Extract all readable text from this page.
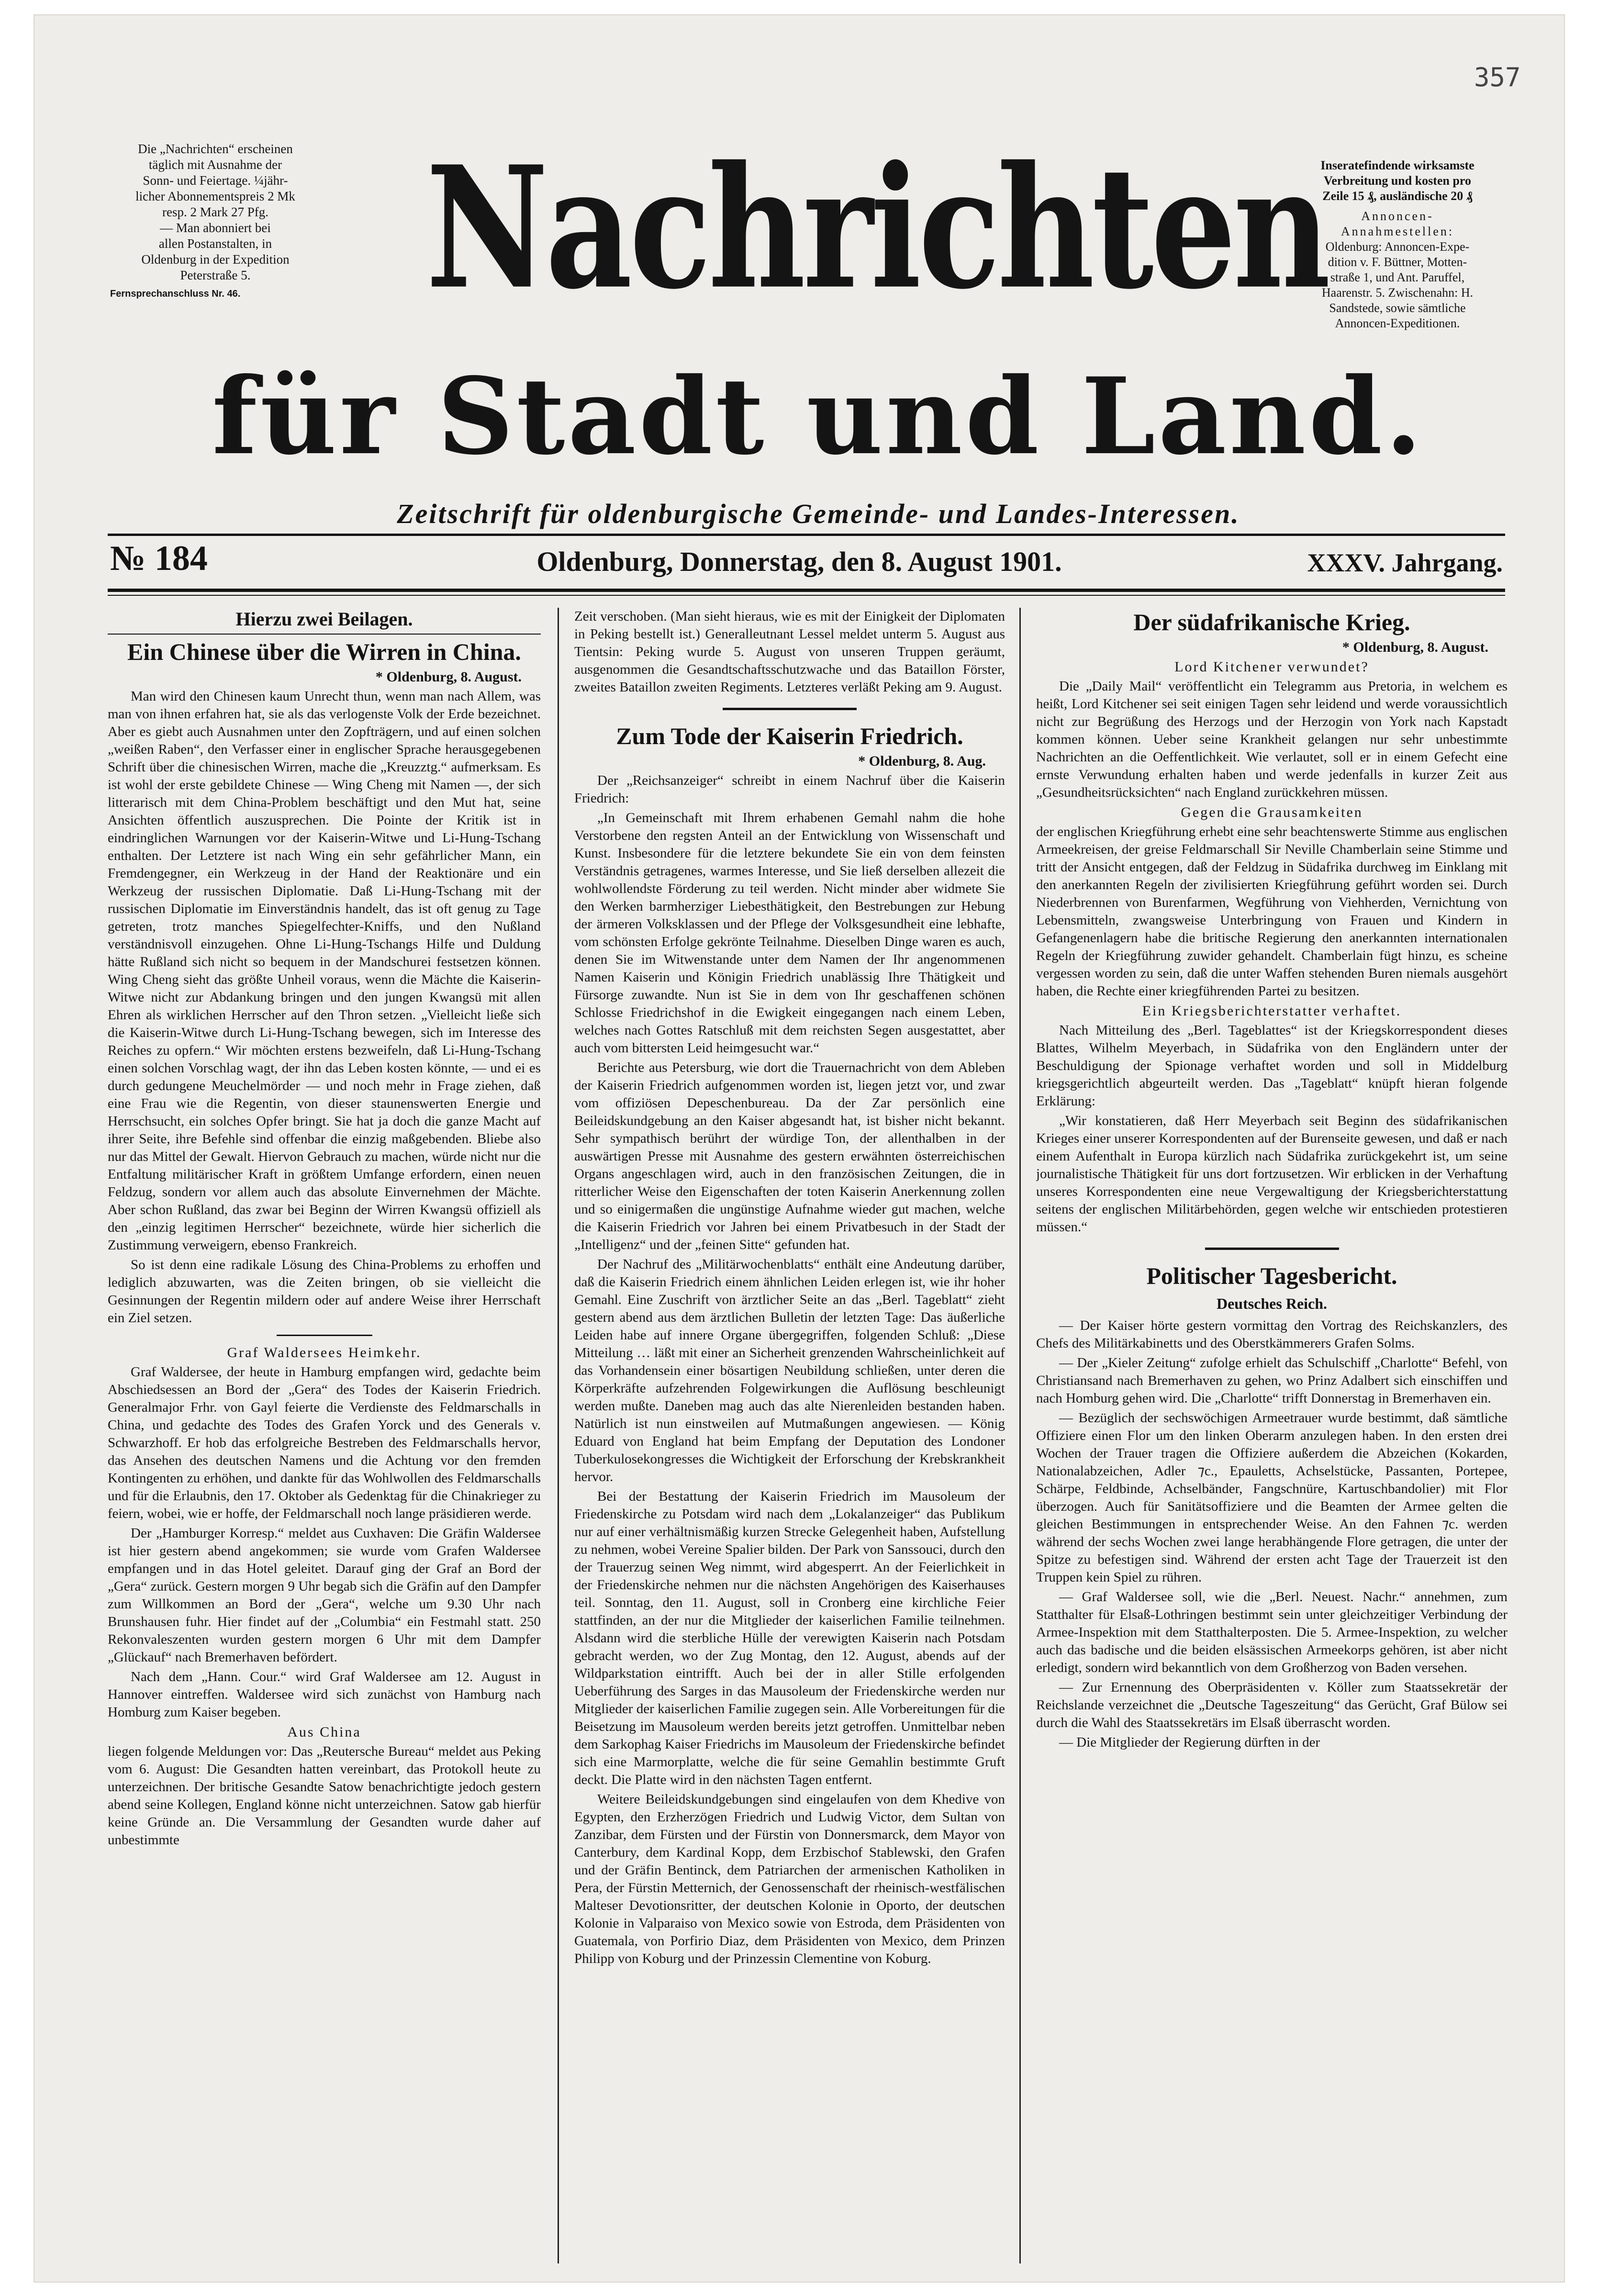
357
Die „Nachrichten“ erscheinen
täglich mit Ausnahme der
Sonn- und Feiertage. ¼jähr-
licher Abonnementspreis 2 Mk
resp. 2 Mark 27 Pfg.
— Man abonniert bei
allen Postanstalten, in
Oldenburg in der Expedition
Peterstraße 5.
Fernsprechanschluss Nr. 46.
Inseratefindende wirksamste
Verbreitung und kosten pro
Zeile 15 ₰, ausländische 20 ₰
Annoncen-
Annahmestellen:
Oldenburg: Annoncen-Expe-
dition v. F. Büttner, Motten-
straße 1, und Ant. Paruffel,
Haarenstr. 5. Zwischenahn: H.
Sandstede, sowie sämtliche
Annoncen-Expeditionen.
Nachrichten
für Stadt und Land.
Zeitschrift für oldenburgische Gemeinde- und Landes-Interessen.
№ 184	Oldenburg, Donnerstag, den 8. August 1901.	XXXV. Jahrgang.

Hierzu zwei Beilagen.

Ein Chinese über die Wirren in China.

* Oldenburg, 8. August.

Man wird den Chinesen kaum Unrecht thun, wenn man nach Allem, was man von ihnen erfahren hat, sie als das verlogenste Volk der Erde bezeichnet. Aber es giebt auch Ausnahmen unter den Zopfträgern, und auf einen solchen „weißen Raben“, den Verfasser einer in englischer Sprache herausgegebenen Schrift über die chinesischen Wirren, mache die „Kreuzztg.“ aufmerksam. Es ist wohl der erste gebildete Chinese — Wing Cheng mit Namen —, der sich litterarisch mit dem China-Problem beschäftigt und den Mut hat, seine Ansichten öffentlich auszusprechen. Die Pointe der Kritik ist in eindringlichen Warnungen vor der Kaiserin-Witwe und Li-Hung-Tschang enthalten. Der Letztere ist nach Wing ein sehr gefährlicher Mann, ein Fremdengegner, ein Werkzeug in der Hand der Reaktionäre und ein Werkzeug der russischen Diplomatie. Daß Li-Hung-Tschang mit der russischen Diplomatie im Einverständnis handelt, das ist oft genug zu Tage getreten, trotz manches Spiegelfechter-Kniffs, und den Nußland verständnisvoll einzugehen. Ohne Li-Hung-Tschangs Hilfe und Duldung hätte Rußland sich nicht so bequem in der Mandschurei festsetzen können. Wing Cheng sieht das größte Unheil voraus, wenn die Mächte die Kaiserin-Witwe nicht zur Abdankung bringen und den jungen Kwangsü mit allen Ehren als wirklichen Herrscher auf den Thron setzen. „Vielleicht ließe sich die Kaiserin-Witwe durch Li-Hung-Tschang bewegen, sich im Interesse des Reiches zu opfern.“ Wir möchten erstens bezweifeln, daß Li-Hung-Tschang einen solchen Vorschlag wagt, der ihn das Leben kosten könnte, — und ei es durch gedungene Meuchelmörder — und noch mehr in Frage ziehen, daß eine Frau wie die Regentin, von dieser staunenswerten Energie und Herrschsucht, ein solches Opfer bringt. Sie hat ja doch die ganze Macht auf ihrer Seite, ihre Befehle sind offenbar die einzig maßgebenden. Bliebe also nur das Mittel der Gewalt. Hiervon Gebrauch zu machen, würde nicht nur die Entfaltung militärischer Kraft in größtem Umfange erfordern, einen neuen Feldzug, sondern vor allem auch das absolute Einvernehmen der Mächte. Aber schon Rußland, das zwar bei Beginn der Wirren Kwangsü offiziell als den „einzig legitimen Herrscher“ bezeichnete, würde hier sicherlich die Zustimmung verweigern, ebenso Frankreich.

So ist denn eine radikale Lösung des China-Problems zu erhoffen und lediglich abzuwarten, was die Zeiten bringen, ob sie vielleicht die Gesinnungen der Regentin mildern oder auf andere Weise ihrer Herrschaft ein Ziel setzen.

Graf Waldersees Heimkehr.

Graf Waldersee, der heute in Hamburg empfangen wird, gedachte beim Abschiedsessen an Bord der „Gera“ des Todes der Kaiserin Friedrich. Generalmajor Frhr. von Gayl feierte die Verdienste des Feldmarschalls in China, und gedachte des Todes des Grafen Yorck und des Generals v. Schwarzhoff. Er hob das erfolgreiche Bestreben des Feldmarschalls hervor, das Ansehen des deutschen Namens und die Achtung vor den fremden Kontingenten zu erhöhen, und dankte für das Wohlwollen des Feldmarschalls und für die Erlaubnis, den 17. Oktober als Gedenktag für die Chinakrieger zu feiern, wobei, wie er hoffe, der Feldmarschall noch lange präsidieren werde.

Der „Hamburger Korresp.“ meldet aus Cuxhaven: Die Gräfin Waldersee ist hier gestern abend angekommen; sie wurde vom Grafen Waldersee empfangen und in das Hotel geleitet. Darauf ging der Graf an Bord der „Gera“ zurück. Gestern morgen 9 Uhr begab sich die Gräfin auf den Dampfer zum Willkommen an Bord der „Gera“, welche um 9.30 Uhr nach Brunshausen fuhr. Hier findet auf der „Columbia“ ein Festmahl statt. 250 Rekonvaleszenten wurden gestern morgen 6 Uhr mit dem Dampfer „Glückauf“ nach Bremerhaven befördert.

Nach dem „Hann. Cour.“ wird Graf Waldersee am 12. August in Hannover eintreffen. Waldersee wird sich zunächst von Hamburg nach Homburg zum Kaiser begeben.

Aus China

liegen folgende Meldungen vor: Das „Reutersche Bureau“ meldet aus Peking vom 6. August: Die Gesandten hatten vereinbart, das Protokoll heute zu unterzeichnen. Der britische Gesandte Satow benachrichtigte jedoch gestern abend seine Kollegen, England könne nicht unterzeichnen. Satow gab hierfür keine Gründe an. Die Versammlung der Gesandten wurde daher auf unbestimmte

Zeit verschoben. (Man sieht hieraus, wie es mit der Einigkeit der Diplomaten in Peking bestellt ist.) Generalleutnant Lessel meldet unterm 5. August aus Tientsin: Peking wurde 5. August von unseren Truppen geräumt, ausgenommen die Gesandtschaftsschutzwache und das Bataillon Förster, zweites Bataillon zweiten Regiments. Letzteres verläßt Peking am 9. August.

Zum Tode der Kaiserin Friedrich.

* Oldenburg, 8. Aug.

Der „Reichsanzeiger“ schreibt in einem Nachruf über die Kaiserin Friedrich:

„In Gemeinschaft mit Ihrem erhabenen Gemahl nahm die hohe Verstorbene den regsten Anteil an der Entwicklung von Wissenschaft und Kunst. Insbesondere für die letztere bekundete Sie ein von dem feinsten Verständnis getragenes, warmes Interesse, und Sie ließ derselben allezeit die wohlwollendste Förderung zu teil werden. Nicht minder aber widmete Sie den Werken barmherziger Liebesthätigkeit, den Bestrebungen zur Hebung der ärmeren Volksklassen und der Pflege der Volksgesundheit eine lebhafte, vom schönsten Erfolge gekrönte Teilnahme. Dieselben Dinge waren es auch, denen Sie im Witwenstande unter dem Namen der Ihr angenommenen Namen Kaiserin und Königin Friedrich unablässig Ihre Thätigkeit und Fürsorge zuwandte. Nun ist Sie in dem von Ihr geschaffenen schönen Schlosse Friedrichshof in die Ewigkeit eingegangen nach einem Leben, welches nach Gottes Ratschluß mit dem reichsten Segen ausgestattet, aber auch vom bittersten Leid heimgesucht war.“

Berichte aus Petersburg, wie dort die Trauernachricht von dem Ableben der Kaiserin Friedrich aufgenommen worden ist, liegen jetzt vor, und zwar vom offiziösen Depeschenbureau. Da der Zar persönlich eine Beileidskundgebung an den Kaiser abgesandt hat, ist bisher nicht bekannt. Sehr sympathisch berührt der würdige Ton, der allenthalben in der auswärtigen Presse mit Ausnahme des gestern erwähnten österreichischen Organs angeschlagen wird, auch in den französischen Zeitungen, die in ritterlicher Weise den Eigenschaften der toten Kaiserin Anerkennung zollen und so einigermaßen die ungünstige Aufnahme wieder gut machen, welche die Kaiserin Friedrich vor Jahren bei einem Privatbesuch in der Stadt der „Intelligenz“ und der „feinen Sitte“ gefunden hat.

Der Nachruf des „Militärwochenblatts“ enthält eine Andeutung darüber, daß die Kaiserin Friedrich einem ähnlichen Leiden erlegen ist, wie ihr hoher Gemahl. Eine Zuschrift von ärztlicher Seite an das „Berl. Tageblatt“ zieht gestern abend aus dem ärztlichen Bulletin der letzten Tage: Das äußerliche Leiden habe auf innere Organe übergegriffen, folgenden Schluß: „Diese Mitteilung … läßt mit einer an Sicherheit grenzenden Wahrscheinlichkeit auf das Vorhandensein einer bösartigen Neubildung schließen, unter deren die Körperkräfte aufzehrenden Folgewirkungen die Auflösung beschleunigt werden mußte. Daneben mag auch das alte Nierenleiden bestanden haben. Natürlich ist nun einstweilen auf Mutmaßungen angewiesen. — König Eduard von England hat beim Empfang der Deputation des Londoner Tuberkulosekongresses die Wichtigkeit der Erforschung der Krebskrankheit hervor.

Bei der Bestattung der Kaiserin Friedrich im Mausoleum der Friedenskirche zu Potsdam wird nach dem „Lokalanzeiger“ das Publikum nur auf einer verhältnismäßig kurzen Strecke Gelegenheit haben, Aufstellung zu nehmen, wobei Vereine Spalier bilden. Der Park von Sanssouci, durch den der Trauerzug seinen Weg nimmt, wird abgesperrt. An der Feierlichkeit in der Friedenskirche nehmen nur die nächsten Angehörigen des Kaiserhauses teil. Sonntag, den 11. August, soll in Cronberg eine kirchliche Feier stattfinden, an der nur die Mitglieder der kaiserlichen Familie teilnehmen. Alsdann wird die sterbliche Hülle der verewigten Kaiserin nach Potsdam gebracht werden, wo der Zug Montag, den 12. August, abends auf der Wildparkstation eintrifft. Auch bei der in aller Stille erfolgenden Ueberführung des Sarges in das Mausoleum der Friedenskirche werden nur Mitglieder der kaiserlichen Familie zugegen sein. Alle Vorbereitungen für die Beisetzung im Mausoleum werden bereits jetzt getroffen. Unmittelbar neben dem Sarkophag Kaiser Friedrichs im Mausoleum der Friedenskirche befindet sich eine Marmorplatte, welche die für seine Gemahlin bestimmte Gruft deckt. Die Platte wird in den nächsten Tagen entfernt.

Weitere Beileidskundgebungen sind eingelaufen von dem Khedive von Egypten, den Erzherzögen Friedrich und Ludwig Victor, dem Sultan von Zanzibar, dem Fürsten und der Fürstin von Donnersmarck, dem Mayor von Canterbury, dem Kardinal Kopp, dem Erzbischof Stablewski, den Grafen und der Gräfin Bentinck, dem Patriarchen der armenischen Katholiken in Pera, der Fürstin Metternich, der Genossenschaft der rheinisch-westfälischen Malteser Devotionsritter, der deutschen Kolonie in Oporto, der deutschen Kolonie in Valparaiso von Mexico sowie von Estroda, dem Präsidenten von Guatemala, von Porfirio Diaz, dem Präsidenten von Mexico, dem Prinzen Philipp von Koburg und der Prinzessin Clementine von Koburg.

Der südafrikanische Krieg.

* Oldenburg, 8. August.

Lord Kitchener verwundet?

Die „Daily Mail“ veröffentlicht ein Telegramm aus Pretoria, in welchem es heißt, Lord Kitchener sei seit einigen Tagen sehr leidend und werde voraussichtlich nicht zur Begrüßung des Herzogs und der Herzogin von York nach Kapstadt kommen können. Ueber seine Krankheit gelangen nur sehr unbestimmte Nachrichten an die Oeffentlichkeit. Wie verlautet, soll er in einem Gefecht eine ernste Verwundung erhalten haben und werde jedenfalls in kurzer Zeit aus „Gesundheitsrücksichten“ nach England zurückkehren müssen.

Gegen die Grausamkeiten

der englischen Kriegführung erhebt eine sehr beachtenswerte Stimme aus englischen Armeekreisen, der greise Feldmarschall Sir Neville Chamberlain seine Stimme und tritt der Ansicht entgegen, daß der Feldzug in Südafrika durchweg im Einklang mit den anerkannten Regeln der zivilisierten Kriegführung geführt worden sei. Durch Niederbrennen von Burenfarmen, Wegführung von Viehherden, Vernichtung von Lebensmitteln, zwangsweise Unterbringung von Frauen und Kindern in Gefangenenlagern habe die britische Regierung den anerkannten internationalen Regeln der Kriegführung zuwider gehandelt. Chamberlain fügt hinzu, es scheine vergessen worden zu sein, daß die unter Waffen stehenden Buren niemals ausgehört haben, die Rechte einer kriegführenden Partei zu besitzen.

Ein Kriegsberichterstatter verhaftet.

Nach Mitteilung des „Berl. Tageblattes“ ist der Kriegskorrespondent dieses Blattes, Wilhelm Meyerbach, in Südafrika von den Engländern unter der Beschuldigung der Spionage verhaftet worden und soll in Middelburg kriegsgerichtlich abgeurteilt werden. Das „Tageblatt“ knüpft hieran folgende Erklärung:

„Wir konstatieren, daß Herr Meyerbach seit Beginn des südafrikanischen Krieges einer unserer Korrespondenten auf der Burenseite gewesen, und daß er nach einem Aufenthalt in Europa kürzlich nach Südafrika zurückgekehrt ist, um seine journalistische Thätigkeit für uns dort fortzusetzen. Wir erblicken in der Verhaftung unseres Korrespondenten eine neue Vergewaltigung der Kriegsberichterstattung seitens der englischen Militärbehörden, gegen welche wir entschieden protestieren müssen.“

Politischer Tagesbericht.

Deutsches Reich.

— Der Kaiser hörte gestern vormittag den Vortrag des Reichskanzlers, des Chefs des Militärkabinetts und des Oberstkämmerers Grafen Solms.

— Der „Kieler Zeitung“ zufolge erhielt das Schulschiff „Charlotte“ Befehl, von Christiansand nach Bremerhaven zu gehen, wo Prinz Adalbert sich einschiffen und nach Homburg gehen wird. Die „Charlotte“ trifft Donnerstag in Bremerhaven ein.

— Bezüglich der sechswöchigen Armeetrauer wurde bestimmt, daß sämtliche Offiziere einen Flor um den linken Oberarm anzulegen haben. In den ersten drei Wochen der Trauer tragen die Offiziere außerdem die Abzeichen (Kokarden, Nationalabzeichen, Adler ⁊c., Epauletts, Achselstücke, Passanten, Portepee, Schärpe, Feldbinde, Achselbänder, Fangschnüre, Kartuschbandolier) mit Flor überzogen. Auch für Sanitätsoffiziere und die Beamten der Armee gelten die gleichen Bestimmungen in entsprechender Weise. An den Fahnen ⁊c. werden während der sechs Wochen zwei lange herabhängende Flore getragen, die unter der Spitze zu befestigen sind. Während der ersten acht Tage der Trauerzeit ist den Truppen kein Spiel zu rühren.

— Graf Waldersee soll, wie die „Berl. Neuest. Nachr.“ annehmen, zum Statthalter für Elsaß-Lothringen bestimmt sein unter gleichzeitiger Verbindung der Armee-Inspektion mit dem Statthalterposten. Die 5. Armee-Inspektion, zu welcher auch das badische und die beiden elsässischen Armeekorps gehören, ist aber nicht erledigt, sondern wird bekanntlich von dem Großherzog von Baden versehen.

— Zur Ernennung des Oberpräsidenten v. Köller zum Staatssekretär der Reichslande verzeichnet die „Deutsche Tageszeitung“ das Gerücht, Graf Bülow sei durch die Wahl des Staatssekretärs im Elsaß überrascht worden.

— Die Mitglieder der Regierung dürften in der
